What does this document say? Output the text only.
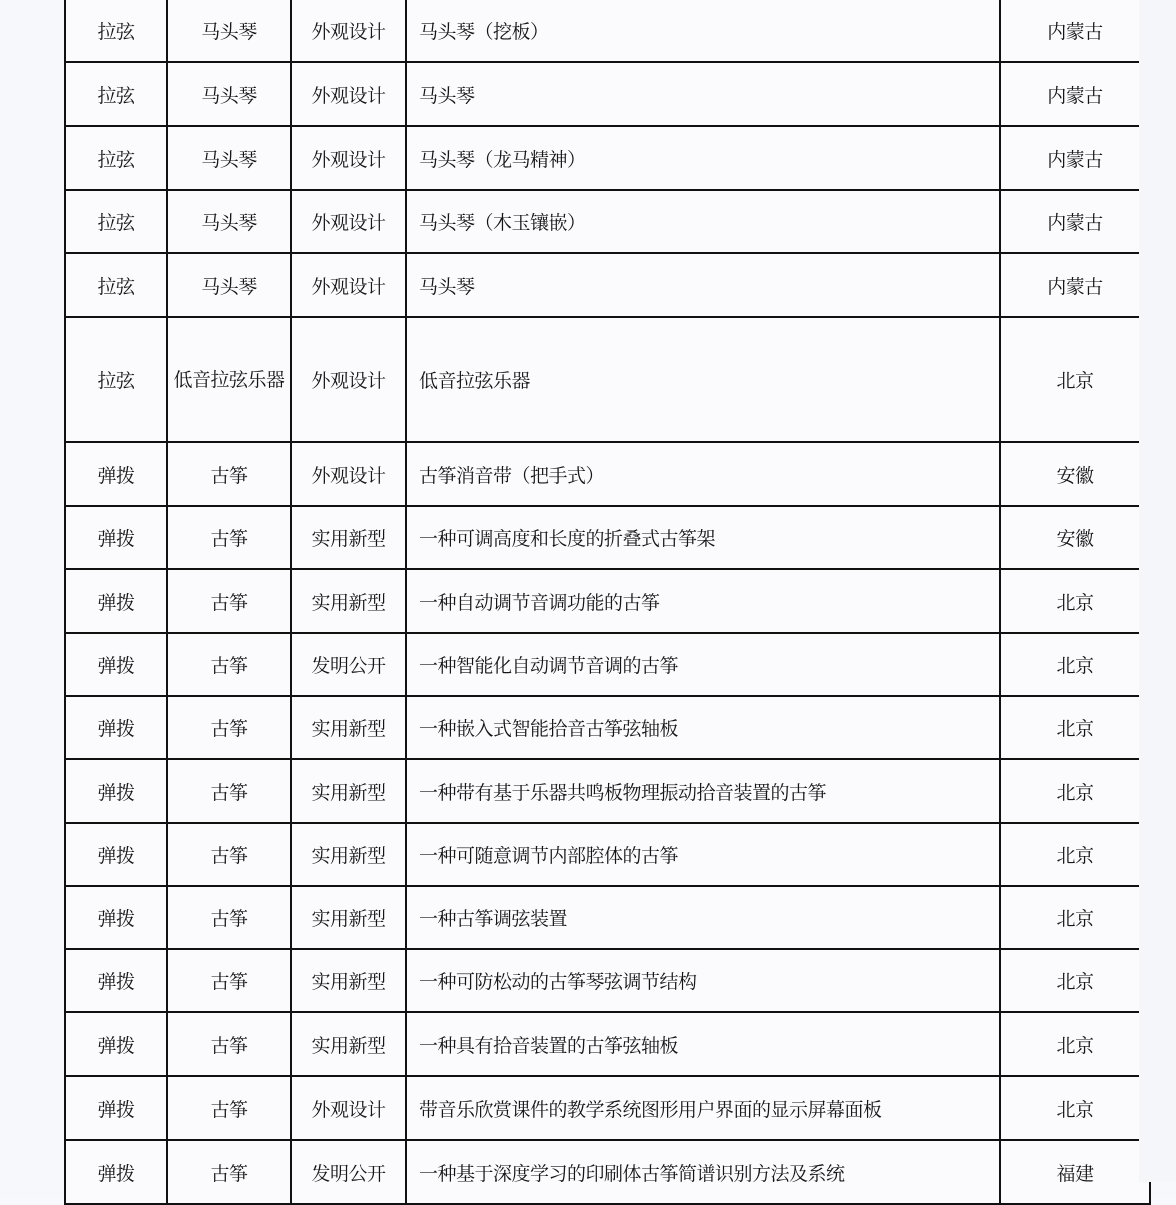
拉弦	马头琴	外观设计	马头琴（挖板）	内蒙古
拉弦	马头琴	外观设计	马头琴	内蒙古
拉弦	马头琴	外观设计	马头琴（龙马精神）	内蒙古
拉弦	马头琴	外观设计	马头琴（木玉镶嵌）	内蒙古
拉弦	马头琴	外观设计	马头琴	内蒙古
拉弦	低音拉弦乐器	外观设计	低音拉弦乐器	北京
弹拨	古筝	外观设计	古筝消音带（把手式）	安徽
弹拨	古筝	实用新型	一种可调高度和长度的折叠式古筝架	安徽
弹拨	古筝	实用新型	一种自动调节音调功能的古筝	北京
弹拨	古筝	发明公开	一种智能化自动调节音调的古筝	北京
弹拨	古筝	实用新型	一种嵌入式智能拾音古筝弦轴板	北京
弹拨	古筝	实用新型	一种带有基于乐器共鸣板物理振动拾音装置的古筝	北京
弹拨	古筝	实用新型	一种可随意调节内部腔体的古筝	北京
弹拨	古筝	实用新型	一种古筝调弦装置	北京
弹拨	古筝	实用新型	一种可防松动的古筝琴弦调节结构	北京
弹拨	古筝	实用新型	一种具有拾音装置的古筝弦轴板	北京
弹拨	古筝	外观设计	带音乐欣赏课件的教学系统图形用户界面的显示屏幕面板	北京
弹拨	古筝	发明公开	一种基于深度学习的印刷体古筝简谱识别方法及系统	福建
